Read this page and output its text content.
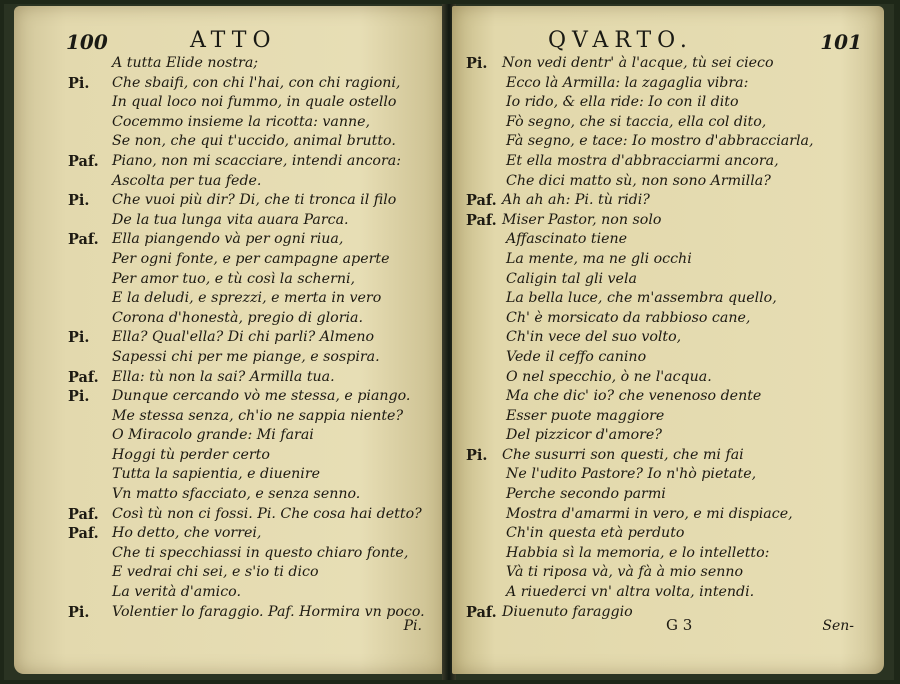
100	ATTO
A tutta Elide nostra;
Pi. Che sbaifi, con chi l'hai, con chi ragioni,
In qual loco noi fummo, in quale ostello
Cocemmo insieme la ricotta: vanne,
Se non, che qui t'uccido, animal brutto.
Paf. Piano, non mi scacciare, intendi ancora:
Ascolta per tua fede.
Pi. Che vuoi più dir? Di, che ti tronca il filo
De la tua lunga vita auara Parca.
Paf. Ella piangendo và per ogni riua,
Per ogni fonte, e per campagne aperte
Per amor tuo, e tù così la scherni,
E la deludi, e sprezzi, e merta in vero
Corona d'honestà, pregio di gloria.
Pi. Ella? Qual'ella? Di chi parli? Almeno
Sapessi chi per me piange, e sospira.
Paf. Ella: tù non la sai? Armilla tua.
Pi. Dunque cercando vò me stessa, e piango.
Me stessa senza, ch'io ne sappia niente?
O Miracolo grande: Mi farai
Hoggi tù perder certo
Tutta la sapientia, e diuenire
Vn matto sfacciato, e senza senno.
Paf. Così tù non ci fossi. Pi. Che cosa hai detto?
Paf. Ho detto, che vorrei,
Che ti specchiassi in questo chiaro fonte,
E vedrai chi sei, e s'io ti dico
La verità d'amico.
Pi. Volentier lo faraggio. Paf. Hormira vn poco.
Pi.
QVARTO.	101
Pi. Non vedi dentr' à l'acque, tù sei cieco
Ecco là Armilla: la zagaglia vibra:
Io rido, & ella ride: Io con il dito
Fò segno, che si taccia, ella col dito,
Fà segno, e tace: Io mostro d'abbracciarla,
Et ella mostra d'abbracciarmi ancora,
Che dici matto sù, non sono Armilla?
Paf. Ah ah ah: Pi. tù ridi?
Paf. Miser Pastor, non solo
Affascinato tiene
La mente, ma ne gli occhi
Caligin tal gli vela
La bella luce, che m'assembra quello,
Ch' è morsicato da rabbioso cane,
Ch'in vece del suo volto,
Vede il ceffo canino
O nel specchio, ò ne l'acqua.
Ma che dic' io? che venenoso dente
Esser puote maggiore
Del pizzicor d'amore?
Pi. Che susurri son questi, che mi fai
Ne l'udito Pastore? Io n'hò pietate,
Perche secondo parmi
Mostra d'amarmi in vero, e mi dispiace,
Ch'in questa età perduto
Habbia sì la memoria, e lo intelletto:
Và ti riposa và, và fà à mio senno
A riuederci vn' altra volta, intendi.
Paf. Diuenuto faraggio
G 3	Sen-
